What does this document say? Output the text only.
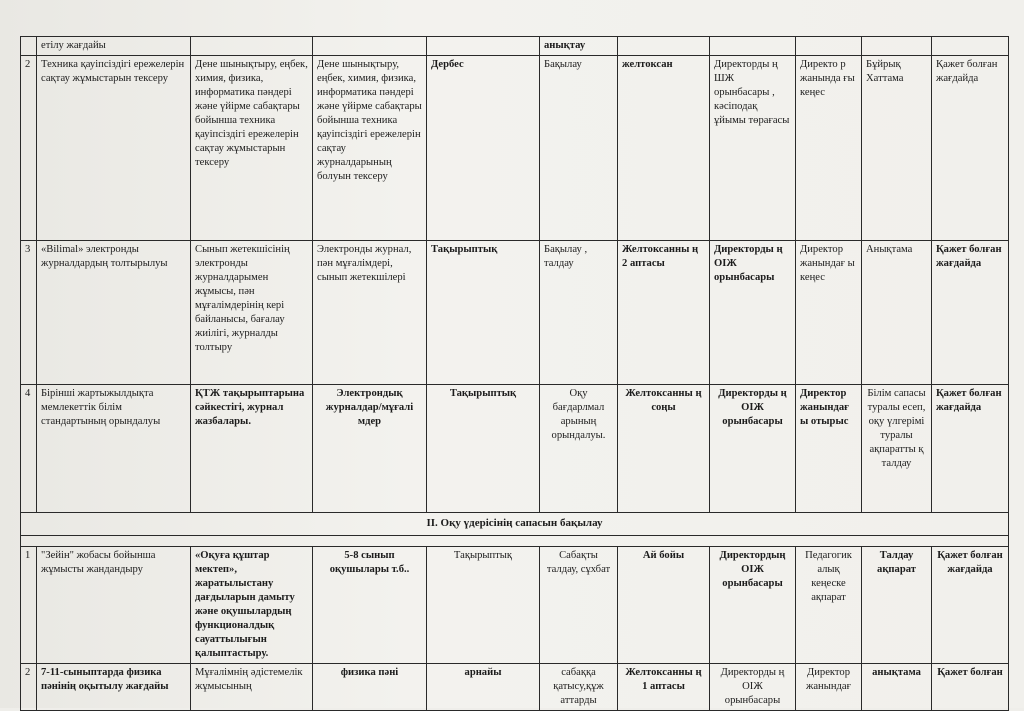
	етілу жағдайы				анықтау					
2	Техника қауіпсіздігі ережелерін сақтау жұмыстарын тексеру	Дене шынықтыру, еңбек, химия, физика, информатика пәндері және үйірме сабақтары бойынша техника қауіпсіздігі ережелерін сақтау жұмыстарын тексеру	Дене шынықтыру, еңбек, химия, физика, информатика пәндері және үйірме сабақтары бойынша техника қауіпсіздігі ережелерін сақтау журналдарының болуын тексеру	Дербес	Бақылау	желтоксан	Директорды ң ШЖ орынбасары , кәсіподақ ұйымы төрағасы	Директо р жанында ғы кеңес	Бұйрық Хаттама	Қажет болған жағдайда
3	«Bilimal» электронды журналдардың толтырылуы	Сынып жетекшісінің электронды журналдарымен жұмысы, пән мұғалімдерінің кері байланысы, бағалау жиілігі, журналды толтыру	Электронды журнал, пән мұғалімдері, сынып жетекшілері	Тақырыптық	Бақылау , талдау	Желтоксанны ң 2 аптасы	Директорды ң ОІЖ орынбасары	Директор жанындағ ы кеңес	Анықтама	Қажет болған жағдайда
4	Бірінші жартыжылдықта мемлекеттік білім стандартының орындалуы	ҚТЖ тақырыптарына сәйкестігі, журнал жазбалары.	Электрондық журналдар/мұғалі мдер	Тақырыптық	Оқу бағдарлмал арының орындалуы.	Желтоксанны ң соңы	Директорды ң ОІЖ орынбасары	Директор жанындағ ы отырыс	Білім сапасы туралы есеп, оқу үлгерімі туралы ақпаратты қ талдау	Қажет болған жағдайда
ІІ. Оқу үдерісінің сапасын бақылау										

1	"Зейін" жобасы бойынша жұмысты жандандыру	«Оқуға құштар мектеп», жаратылыстану дағдыларын дамыту және оқушылардың функционалдық сауаттылығын қалыптастыру.	5-8 сынып оқушылары т.б..	Тақырыптық	Сабақты талдау, сұхбат	Ай бойы	Директордың ОІЖ орынбасары	Педагогик алық кеңеске ақпарат	Талдау ақпарат	Қажет болған жағдайда
2	7-11-сыныптарда физика пәнінің оқытылу жағдайы	Мұғалімнің әдістемелік жұмысының	физика пәні	арнайы	сабаққа қатысу,құж аттарды	Желтоксанны ң 1 аптасы	Директорды ң ОІЖ орынбасары	Директор жанындағ	анықтама	Қажет болған
